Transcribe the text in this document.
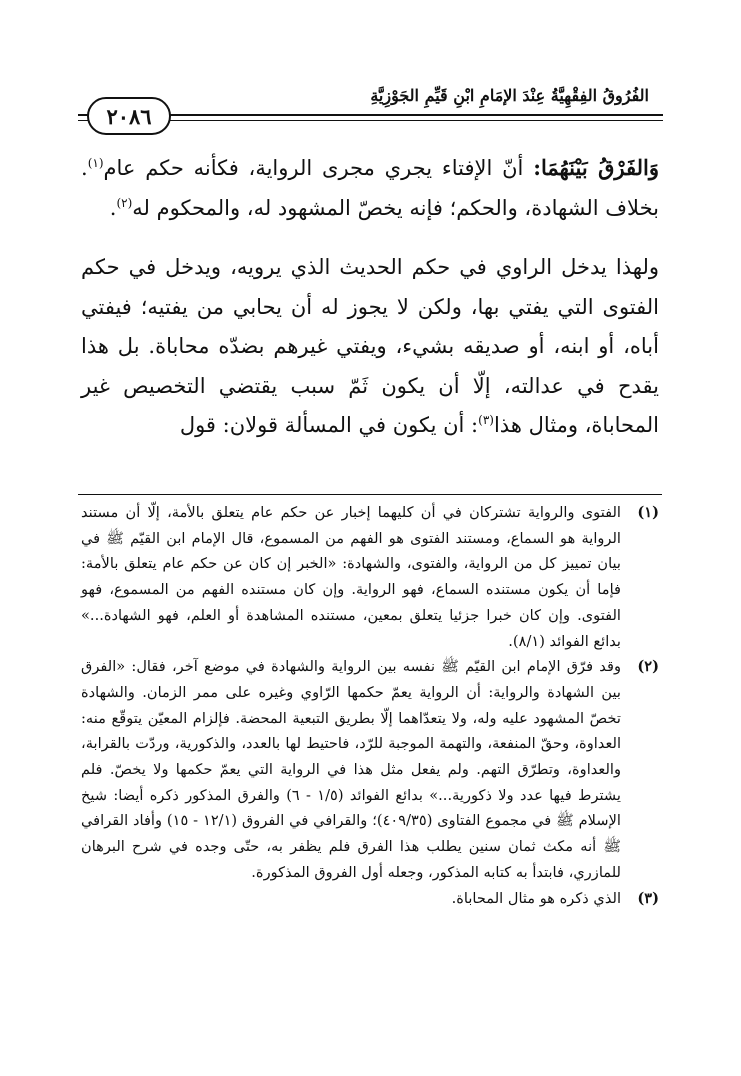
الفُرُوقُ الفِقْهِيَّةُ عِنْدَ الإمَامِ ابْنِ قَيِّمِ الجَوْزِيَّةِ
٢٠٨٦

وَالفَرْقُ بَيْنَهُمَا: أنّ الإفتاء يجري مجرى الرواية، فكأنه حكم عام$^{(١)}$. بخلاف الشهادة، والحكم؛ فإنه يخصّ المشهود له، والمحكوم له$^{(٢)}$.

ولهذا يدخل الراوي في حكم الحديث الذي يرويه، ويدخل في حكم الفتوى التي يفتي بها، ولكن لا يجوز له أن يحابي من يفتيه؛ فيفتي أباه، أو ابنه، أو صديقه بشيء، ويفتي غيرهم بضدّه محاباة. بل هذا يقدح في عدالته، إلّا أن يكون ثَمّ سبب يقتضي التخصيص غير المحاباة، ومثال هذا$^{(٣)}$: أن يكون في المسألة قولان: قول

(١)
الفتوى والرواية تشتركان في أن كليهما إخبار عن حكم عام يتعلق بالأمة، إلّا أن مستند الرواية هو السماع، ومستند الفتوى هو الفهم من المسموع، قال الإمام ابن القيّم ﷺ في بيان تمييز كل من الرواية، والفتوى، والشهادة: «الخبر إن كان عن حكم عام يتعلق بالأمة: فإما أن يكون مستنده السماع، فهو الرواية. وإن كان مستنده الفهم من المسموع، فهو الفتوى. وإن كان خبرا جزئيا يتعلق بمعين، مستنده المشاهدة أو العلم، فهو الشهادة...» بدائع الفوائد (٨/١).
(٢)
وقد فرّق الإمام ابن القيّم ﷺ نفسه بين الرواية والشهادة في موضع آخر، فقال: «الفرق بين الشهادة والرواية: أن الرواية يعمّ حكمها الرّاوي وغيره على ممر الزمان. والشهادة تخصّ المشهود عليه وله، ولا يتعدّاهما إلّا بطريق التبعية المحضة. فإلزام المعيّن يتوقّع منه: العداوة، وحقّ المنفعة، والتهمة الموجبة للرّد، فاحتيط لها بالعدد، والذكورية، وردّت بالقرابة، والعداوة، وتطرّق التهم. ولم يفعل مثل هذا في الرواية التي يعمّ حكمها ولا يخصّ. فلم يشترط فيها عدد ولا ذكورية...» بدائع الفوائد (١/٥ - ٦) والفرق المذكور ذكره أيضا: شيخ الإسلام ﷺ في مجموع الفتاوى (٤٠٩/٣٥)؛ والقرافي في الفروق (١٢/١ - ١٥) وأفاد القرافي ﷺ أنه مكث ثمان سنين يطلب هذا الفرق فلم يظفر به، حتّى وجده في شرح البرهان للمازري، فابتدأ به كتابه المذكور، وجعله أول الفروق المذكورة.
(٣)
الذي ذكره هو مثال المحاباة.
